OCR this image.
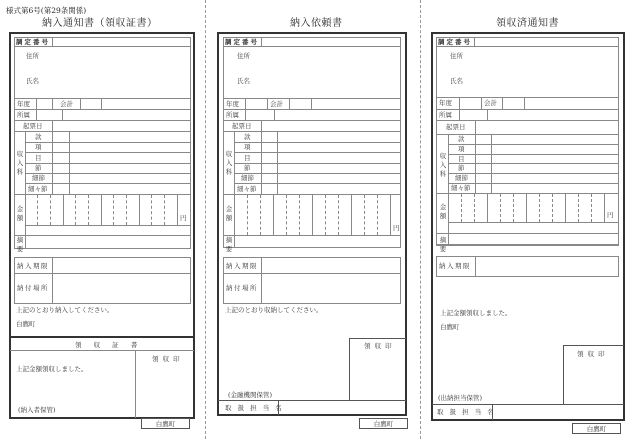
様式第6号(第29条関係)
納入通知書（領収証書）
調定番号
住所
氏名
年度	会計
所属
起票日
収入科
款
項
目
節
細節
細々節
金額	円
摘要
納入期限
納付場所
上記のとおり納入してください。
白鷹町
領 収 証 書
領 収 印
上記金額領収しました。
(納入者保管)
白鷹町
納入依頼書
調定番号
住所
氏名
年度	会計
所属
起票日
収入科
款
項
目
節
細節
細々節
金額
円
摘要
納入期限
納付場所
上記のとおり収納してください。
領 収 印
(金融機関保管)
取 扱 担 当 名
白鷹町
領収済通知書
調定番号
住所
氏名
年度	会計
所属
起票日
収入科
款
項
目
節
細節
細々節
金額	円
摘要
納入期限
上記金額領収しました。
白鷹町
領 収 印
(出納担当保管)
取 扱 担 当 名
白鷹町
